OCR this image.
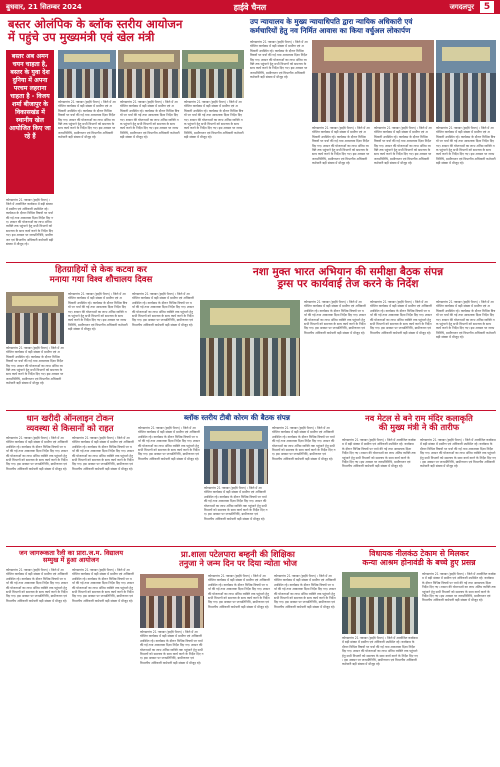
बुधवार, 21 सितम्बर 2024	हाईवे चैनल	जगदलपुर	5
बस्तर ओलंपिक के ब्लॉक स्तरीय आयोजन
में पहुंचे उप मुख्यमंत्री एवं खेल मंत्री
बस्तर अब अमन चयन चाहता है, बस्तर के युवा देश दुनिया में अपना परचम लहराना चाहता है - विजय शर्मा बीजापुर के विकासखंड में स्थानीय खेल आयोजित किए जा रहे हैं
कोण्डागांव 21 नवम्बर (हाईवे चैनल) । जिले में आयोजित कार्यक्रम में बड़ी संख्या में ग्रामीण एवं अधिकारी उपस्थित रहे। कार्यक्रम के दौरान विभिन्न विषयों पर चर्चा की गई तथा आवश्यक दिशा निर्देश दिए गए। शासन की योजनाओं का लाभ अंतिम व्यक्ति तक पहुंचाने हेतु सभी विभागों को समन्वय के साथ कार्य करने के निर्देश दिए गए। इस अवसर पर जनप्रतिनिधि, ग्रामीणजन एवं विभागीय अधिकारी कर्मचारी बड़ी संख्या में मौजूद रहे।
कोण्डागांव 21 नवम्बर (हाईवे चैनल) । जिले में आयोजित कार्यक्रम में बड़ी संख्या में ग्रामीण एवं अधिकारी उपस्थित रहे। कार्यक्रम के दौरान विभिन्न विषयों पर चर्चा की गई तथा आवश्यक दिशा निर्देश दिए गए। शासन की योजनाओं का लाभ अंतिम व्यक्ति तक पहुंचाने हेतु सभी विभागों को समन्वय के साथ कार्य करने के निर्देश दिए गए। इस अवसर पर जनप्रतिनिधि, ग्रामीणजन एवं विभागीय अधिकारी कर्मचारी बड़ी संख्या में मौजूद रहे।
कोण्डागांव 21 नवम्बर (हाईवे चैनल) । जिले में आयोजित कार्यक्रम में बड़ी संख्या में ग्रामीण एवं अधिकारी उपस्थित रहे। कार्यक्रम के दौरान विभिन्न विषयों पर चर्चा की गई तथा आवश्यक दिशा निर्देश दिए गए। शासन की योजनाओं का लाभ अंतिम व्यक्ति तक पहुंचाने हेतु सभी विभागों को समन्वय के साथ कार्य करने के निर्देश दिए गए। इस अवसर पर जनप्रतिनिधि, ग्रामीणजन एवं विभागीय अधिकारी कर्मचारी बड़ी संख्या में मौजूद रहे।
कोण्डागांव 21 नवम्बर (हाईवे चैनल) । जिले में आयोजित कार्यक्रम में बड़ी संख्या में ग्रामीण एवं अधिकारी उपस्थित रहे। कार्यक्रम के दौरान विभिन्न विषयों पर चर्चा की गई तथा आवश्यक दिशा निर्देश दिए गए। शासन की योजनाओं का लाभ अंतिम व्यक्ति तक पहुंचाने हेतु सभी विभागों को समन्वय के साथ कार्य करने के निर्देश दिए गए। इस अवसर पर जनप्रतिनिधि, ग्रामीणजन एवं विभागीय अधिकारी कर्मचारी बड़ी संख्या में मौजूद रहे।
उप न्यायालय के मुख्य न्यायाधिपति द्वारा न्यायिक अधिकारी एवं
कर्मचारियों हेतु नव निर्मित आवास का किया वर्चुअल लोकार्पण
कोण्डागांव 21 नवम्बर (हाईवे चैनल) । जिले में आयोजित कार्यक्रम में बड़ी संख्या में ग्रामीण एवं अधिकारी उपस्थित रहे। कार्यक्रम के दौरान विभिन्न विषयों पर चर्चा की गई तथा आवश्यक दिशा निर्देश दिए गए। शासन की योजनाओं का लाभ अंतिम व्यक्ति तक पहुंचाने हेतु सभी विभागों को समन्वय के साथ कार्य करने के निर्देश दिए गए। इस अवसर पर जनप्रतिनिधि, ग्रामीणजन एवं विभागीय अधिकारी कर्मचारी बड़ी संख्या में मौजूद रहे।
कोण्डागांव 21 नवम्बर (हाईवे चैनल) । जिले में आयोजित कार्यक्रम में बड़ी संख्या में ग्रामीण एवं अधिकारी उपस्थित रहे। कार्यक्रम के दौरान विभिन्न विषयों पर चर्चा की गई तथा आवश्यक दिशा निर्देश दिए गए। शासन की योजनाओं का लाभ अंतिम व्यक्ति तक पहुंचाने हेतु सभी विभागों को समन्वय के साथ कार्य करने के निर्देश दिए गए। इस अवसर पर जनप्रतिनिधि, ग्रामीणजन एवं विभागीय अधिकारी कर्मचारी बड़ी संख्या में मौजूद रहे।
कोण्डागांव 21 नवम्बर (हाईवे चैनल) । जिले में आयोजित कार्यक्रम में बड़ी संख्या में ग्रामीण एवं अधिकारी उपस्थित रहे। कार्यक्रम के दौरान विभिन्न विषयों पर चर्चा की गई तथा आवश्यक दिशा निर्देश दिए गए। शासन की योजनाओं का लाभ अंतिम व्यक्ति तक पहुंचाने हेतु सभी विभागों को समन्वय के साथ कार्य करने के निर्देश दिए गए। इस अवसर पर जनप्रतिनिधि, ग्रामीणजन एवं विभागीय अधिकारी कर्मचारी बड़ी संख्या में मौजूद रहे।
कोण्डागांव 21 नवम्बर (हाईवे चैनल) । जिले में आयोजित कार्यक्रम में बड़ी संख्या में ग्रामीण एवं अधिकारी उपस्थित रहे। कार्यक्रम के दौरान विभिन्न विषयों पर चर्चा की गई तथा आवश्यक दिशा निर्देश दिए गए। शासन की योजनाओं का लाभ अंतिम व्यक्ति तक पहुंचाने हेतु सभी विभागों को समन्वय के साथ कार्य करने के निर्देश दिए गए। इस अवसर पर जनप्रतिनिधि, ग्रामीणजन एवं विभागीय अधिकारी कर्मचारी बड़ी संख्या में मौजूद रहे।
हितग्राहियों से केक कटवा कर
मनाया गया विश्व शौचालय दिवस
कोण्डागांव 21 नवम्बर (हाईवे चैनल) । जिले में आयोजित कार्यक्रम में बड़ी संख्या में ग्रामीण एवं अधिकारी उपस्थित रहे। कार्यक्रम के दौरान विभिन्न विषयों पर चर्चा की गई तथा आवश्यक दिशा निर्देश दिए गए। शासन की योजनाओं का लाभ अंतिम व्यक्ति तक पहुंचाने हेतु सभी विभागों को समन्वय के साथ कार्य करने के निर्देश दिए गए। इस अवसर पर जनप्रतिनिधि, ग्रामीणजन एवं विभागीय अधिकारी कर्मचारी बड़ी संख्या में मौजूद रहे।
कोण्डागांव 21 नवम्बर (हाईवे चैनल) । जिले में आयोजित कार्यक्रम में बड़ी संख्या में ग्रामीण एवं अधिकारी उपस्थित रहे। कार्यक्रम के दौरान विभिन्न विषयों पर चर्चा की गई तथा आवश्यक दिशा निर्देश दिए गए। शासन की योजनाओं का लाभ अंतिम व्यक्ति तक पहुंचाने हेतु सभी विभागों को समन्वय के साथ कार्य करने के निर्देश दिए गए। इस अवसर पर जनप्रतिनिधि, ग्रामीणजन एवं विभागीय अधिकारी कर्मचारी बड़ी संख्या में मौजूद रहे।
कोण्डागांव 21 नवम्बर (हाईवे चैनल) । जिले में आयोजित कार्यक्रम में बड़ी संख्या में ग्रामीण एवं अधिकारी उपस्थित रहे। कार्यक्रम के दौरान विभिन्न विषयों पर चर्चा की गई तथा आवश्यक दिशा निर्देश दिए गए। शासन की योजनाओं का लाभ अंतिम व्यक्ति तक पहुंचाने हेतु सभी विभागों को समन्वय के साथ कार्य करने के निर्देश दिए गए। इस अवसर पर जनप्रतिनिधि, ग्रामीणजन एवं विभागीय अधिकारी कर्मचारी बड़ी संख्या में मौजूद रहे।
नशा मुक्त भारत अभियान की समीक्षा बैठक संपन्न
ड्रग्स पर कार्यवाई तेज करने के निर्देश
कोण्डागांव 21 नवम्बर (हाईवे चैनल) । जिले में आयोजित कार्यक्रम में बड़ी संख्या में ग्रामीण एवं अधिकारी उपस्थित रहे। कार्यक्रम के दौरान विभिन्न विषयों पर चर्चा की गई तथा आवश्यक दिशा निर्देश दिए गए। शासन की योजनाओं का लाभ अंतिम व्यक्ति तक पहुंचाने हेतु सभी विभागों को समन्वय के साथ कार्य करने के निर्देश दिए गए। इस अवसर पर जनप्रतिनिधि, ग्रामीणजन एवं विभागीय अधिकारी कर्मचारी बड़ी संख्या में मौजूद रहे।
कोण्डागांव 21 नवम्बर (हाईवे चैनल) । जिले में आयोजित कार्यक्रम में बड़ी संख्या में ग्रामीण एवं अधिकारी उपस्थित रहे। कार्यक्रम के दौरान विभिन्न विषयों पर चर्चा की गई तथा आवश्यक दिशा निर्देश दिए गए। शासन की योजनाओं का लाभ अंतिम व्यक्ति तक पहुंचाने हेतु सभी विभागों को समन्वय के साथ कार्य करने के निर्देश दिए गए। इस अवसर पर जनप्रतिनिधि, ग्रामीणजन एवं विभागीय अधिकारी कर्मचारी बड़ी संख्या में मौजूद रहे।
कोण्डागांव 21 नवम्बर (हाईवे चैनल) । जिले में आयोजित कार्यक्रम में बड़ी संख्या में ग्रामीण एवं अधिकारी उपस्थित रहे। कार्यक्रम के दौरान विभिन्न विषयों पर चर्चा की गई तथा आवश्यक दिशा निर्देश दिए गए। शासन की योजनाओं का लाभ अंतिम व्यक्ति तक पहुंचाने हेतु सभी विभागों को समन्वय के साथ कार्य करने के निर्देश दिए गए। इस अवसर पर जनप्रतिनिधि, ग्रामीणजन एवं विभागीय अधिकारी कर्मचारी बड़ी संख्या में मौजूद रहे।
धान खरीदी ऑनलाइन टोकन
व्यवस्था से किसानों को राहत
कोण्डागांव 21 नवम्बर (हाईवे चैनल) । जिले में आयोजित कार्यक्रम में बड़ी संख्या में ग्रामीण एवं अधिकारी उपस्थित रहे। कार्यक्रम के दौरान विभिन्न विषयों पर चर्चा की गई तथा आवश्यक दिशा निर्देश दिए गए। शासन की योजनाओं का लाभ अंतिम व्यक्ति तक पहुंचाने हेतु सभी विभागों को समन्वय के साथ कार्य करने के निर्देश दिए गए। इस अवसर पर जनप्रतिनिधि, ग्रामीणजन एवं विभागीय अधिकारी कर्मचारी बड़ी संख्या में मौजूद रहे।
कोण्डागांव 21 नवम्बर (हाईवे चैनल) । जिले में आयोजित कार्यक्रम में बड़ी संख्या में ग्रामीण एवं अधिकारी उपस्थित रहे। कार्यक्रम के दौरान विभिन्न विषयों पर चर्चा की गई तथा आवश्यक दिशा निर्देश दिए गए। शासन की योजनाओं का लाभ अंतिम व्यक्ति तक पहुंचाने हेतु सभी विभागों को समन्वय के साथ कार्य करने के निर्देश दिए गए। इस अवसर पर जनप्रतिनिधि, ग्रामीणजन एवं विभागीय अधिकारी कर्मचारी बड़ी संख्या में मौजूद रहे।
ब्लॉक स्तरीय टीबी कोरम की बैठक संपन्न
कोण्डागांव 21 नवम्बर (हाईवे चैनल) । जिले में आयोजित कार्यक्रम में बड़ी संख्या में ग्रामीण एवं अधिकारी उपस्थित रहे। कार्यक्रम के दौरान विभिन्न विषयों पर चर्चा की गई तथा आवश्यक दिशा निर्देश दिए गए। शासन की योजनाओं का लाभ अंतिम व्यक्ति तक पहुंचाने हेतु सभी विभागों को समन्वय के साथ कार्य करने के निर्देश दिए गए। इस अवसर पर जनप्रतिनिधि, ग्रामीणजन एवं विभागीय अधिकारी कर्मचारी बड़ी संख्या में मौजूद रहे।
कोण्डागांव 21 नवम्बर (हाईवे चैनल) । जिले में आयोजित कार्यक्रम में बड़ी संख्या में ग्रामीण एवं अधिकारी उपस्थित रहे। कार्यक्रम के दौरान विभिन्न विषयों पर चर्चा की गई तथा आवश्यक दिशा निर्देश दिए गए। शासन की योजनाओं का लाभ अंतिम व्यक्ति तक पहुंचाने हेतु सभी विभागों को समन्वय के साथ कार्य करने के निर्देश दिए गए। इस अवसर पर जनप्रतिनिधि, ग्रामीणजन एवं विभागीय अधिकारी कर्मचारी बड़ी संख्या में मौजूद रहे।
कोण्डागांव 21 नवम्बर (हाईवे चैनल) । जिले में आयोजित कार्यक्रम में बड़ी संख्या में ग्रामीण एवं अधिकारी उपस्थित रहे। कार्यक्रम के दौरान विभिन्न विषयों पर चर्चा की गई तथा आवश्यक दिशा निर्देश दिए गए। शासन की योजनाओं का लाभ अंतिम व्यक्ति तक पहुंचाने हेतु सभी विभागों को समन्वय के साथ कार्य करने के निर्देश दिए गए। इस अवसर पर जनप्रतिनिधि, ग्रामीणजन एवं विभागीय अधिकारी कर्मचारी बड़ी संख्या में मौजूद रहे।
नव मेटल से बने राम मंदिर कलाकृति
की मुख्य मंत्री ने की तारीफ
कोण्डागांव 21 नवम्बर (हाईवे चैनल) । जिले में आयोजित कार्यक्रम में बड़ी संख्या में ग्रामीण एवं अधिकारी उपस्थित रहे। कार्यक्रम के दौरान विभिन्न विषयों पर चर्चा की गई तथा आवश्यक दिशा निर्देश दिए गए। शासन की योजनाओं का लाभ अंतिम व्यक्ति तक पहुंचाने हेतु सभी विभागों को समन्वय के साथ कार्य करने के निर्देश दिए गए। इस अवसर पर जनप्रतिनिधि, ग्रामीणजन एवं विभागीय अधिकारी कर्मचारी बड़ी संख्या में मौजूद रहे।
कोण्डागांव 21 नवम्बर (हाईवे चैनल) । जिले में आयोजित कार्यक्रम में बड़ी संख्या में ग्रामीण एवं अधिकारी उपस्थित रहे। कार्यक्रम के दौरान विभिन्न विषयों पर चर्चा की गई तथा आवश्यक दिशा निर्देश दिए गए। शासन की योजनाओं का लाभ अंतिम व्यक्ति तक पहुंचाने हेतु सभी विभागों को समन्वय के साथ कार्य करने के निर्देश दिए गए। इस अवसर पर जनप्रतिनिधि, ग्रामीणजन एवं विभागीय अधिकारी कर्मचारी बड़ी संख्या में मौजूद रहे।
जन जागरूकता रैली का प्रारा.ज.म. विद्यालय
सम्मुख में हुआ आयोजन
कोण्डागांव 21 नवम्बर (हाईवे चैनल) । जिले में आयोजित कार्यक्रम में बड़ी संख्या में ग्रामीण एवं अधिकारी उपस्थित रहे। कार्यक्रम के दौरान विभिन्न विषयों पर चर्चा की गई तथा आवश्यक दिशा निर्देश दिए गए। शासन की योजनाओं का लाभ अंतिम व्यक्ति तक पहुंचाने हेतु सभी विभागों को समन्वय के साथ कार्य करने के निर्देश दिए गए। इस अवसर पर जनप्रतिनिधि, ग्रामीणजन एवं विभागीय अधिकारी कर्मचारी बड़ी संख्या में मौजूद रहे।
कोण्डागांव 21 नवम्बर (हाईवे चैनल) । जिले में आयोजित कार्यक्रम में बड़ी संख्या में ग्रामीण एवं अधिकारी उपस्थित रहे। कार्यक्रम के दौरान विभिन्न विषयों पर चर्चा की गई तथा आवश्यक दिशा निर्देश दिए गए। शासन की योजनाओं का लाभ अंतिम व्यक्ति तक पहुंचाने हेतु सभी विभागों को समन्वय के साथ कार्य करने के निर्देश दिए गए। इस अवसर पर जनप्रतिनिधि, ग्रामीणजन एवं विभागीय अधिकारी कर्मचारी बड़ी संख्या में मौजूद रहे।
प्रा.शाला पटेलपारा बम्हनी की शिक्षिका
तनुजा ने जन्म दिन पर दिया न्योता भोज
कोण्डागांव 21 नवम्बर (हाईवे चैनल) । जिले में आयोजित कार्यक्रम में बड़ी संख्या में ग्रामीण एवं अधिकारी उपस्थित रहे। कार्यक्रम के दौरान विभिन्न विषयों पर चर्चा की गई तथा आवश्यक दिशा निर्देश दिए गए। शासन की योजनाओं का लाभ अंतिम व्यक्ति तक पहुंचाने हेतु सभी विभागों को समन्वय के साथ कार्य करने के निर्देश दिए गए। इस अवसर पर जनप्रतिनिधि, ग्रामीणजन एवं विभागीय अधिकारी कर्मचारी बड़ी संख्या में मौजूद रहे।
कोण्डागांव 21 नवम्बर (हाईवे चैनल) । जिले में आयोजित कार्यक्रम में बड़ी संख्या में ग्रामीण एवं अधिकारी उपस्थित रहे। कार्यक्रम के दौरान विभिन्न विषयों पर चर्चा की गई तथा आवश्यक दिशा निर्देश दिए गए। शासन की योजनाओं का लाभ अंतिम व्यक्ति तक पहुंचाने हेतु सभी विभागों को समन्वय के साथ कार्य करने के निर्देश दिए गए। इस अवसर पर जनप्रतिनिधि, ग्रामीणजन एवं विभागीय अधिकारी कर्मचारी बड़ी संख्या में मौजूद रहे।
कोण्डागांव 21 नवम्बर (हाईवे चैनल) । जिले में आयोजित कार्यक्रम में बड़ी संख्या में ग्रामीण एवं अधिकारी उपस्थित रहे। कार्यक्रम के दौरान विभिन्न विषयों पर चर्चा की गई तथा आवश्यक दिशा निर्देश दिए गए। शासन की योजनाओं का लाभ अंतिम व्यक्ति तक पहुंचाने हेतु सभी विभागों को समन्वय के साथ कार्य करने के निर्देश दिए गए। इस अवसर पर जनप्रतिनिधि, ग्रामीणजन एवं विभागीय अधिकारी कर्मचारी बड़ी संख्या में मौजूद रहे।
विधायक नीलकंठ टेकाम से मिलकर
कन्या आश्रम होनावंडी के बच्चे हुए प्रसन्न
कोण्डागांव 21 नवम्बर (हाईवे चैनल) । जिले में आयोजित कार्यक्रम में बड़ी संख्या में ग्रामीण एवं अधिकारी उपस्थित रहे। कार्यक्रम के दौरान विभिन्न विषयों पर चर्चा की गई तथा आवश्यक दिशा निर्देश दिए गए। शासन की योजनाओं का लाभ अंतिम व्यक्ति तक पहुंचाने हेतु सभी विभागों को समन्वय के साथ कार्य करने के निर्देश दिए गए। इस अवसर पर जनप्रतिनिधि, ग्रामीणजन एवं विभागीय अधिकारी कर्मचारी बड़ी संख्या में मौजूद रहे।
कोण्डागांव 21 नवम्बर (हाईवे चैनल) । जिले में आयोजित कार्यक्रम में बड़ी संख्या में ग्रामीण एवं अधिकारी उपस्थित रहे। कार्यक्रम के दौरान विभिन्न विषयों पर चर्चा की गई तथा आवश्यक दिशा निर्देश दिए गए। शासन की योजनाओं का लाभ अंतिम व्यक्ति तक पहुंचाने हेतु सभी विभागों को समन्वय के साथ कार्य करने के निर्देश दिए गए। इस अवसर पर जनप्रतिनिधि, ग्रामीणजन एवं विभागीय अधिकारी कर्मचारी बड़ी संख्या में मौजूद रहे।
